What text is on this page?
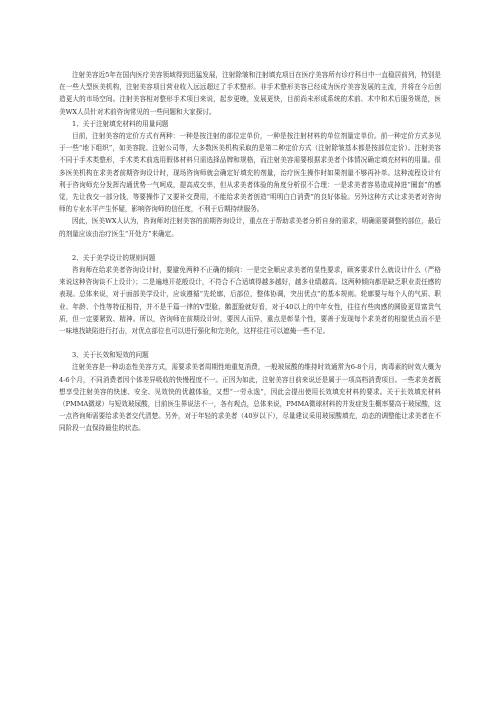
注射美容近5年在国内医疗美容领域得到迅猛发展，注射除皱和注射填充项目在医疗美容所有诊疗科目中一直稳居前列，特别是在一些大型医美机构，注射美容项目营业收入远远超过了手术整形。非手术整形美容已经成为医疗美容发展的主流，并将在今后创造更大的市场空间。注射美容相对整形手术项目来说，起步更晚，发展更快，目前尚未形成系统的术前、术中和术后服务规范，医美WX人员针对术前咨询常见的一些问题和大家探讨。

1、关于注射填充材料的用量问题

目前，注射美容的定价方式有两种：一种是按注射的部位定单价，一种是按注射材料的单位剂量定单价。前一种定价方式多见于一些“地下组织”，如美容院、注射公司等，大多数医美机构采取的是第二种定价方式（注射除皱基本都是按部位定价）。注射美容不同于手术类整形，手术类术前选用假体材料只需选择品牌和规格，而注射美容需要根据求美者个体情况确定填充材料的用量。很多医美机构在求美者前期咨询设计时，现场咨询师就会确定好填充的剂量，治疗医生操作时如果剂量不够再补单。这种流程设计有利于咨询师充分发挥沟通优势一气呵成，提高成交率，但从求美者体验的角度分析很不合理：一是求美者容易造成掉进“圈套”的感觉，先让我交一部分钱，等要操作了又要补交费用，不能给求美者创造“明明白白消费”的良好体验。另外这种方式让求美者对咨询师的专业水平产生怀疑，影响咨询师的信任度，不利于后期持续服务。

因此，医美WX人认为，咨询师对注射美容的前期咨询设计，重点在于帮助求美者分析自身的需求，明确需要调整的部位，最后的剂量应该由治疗医生“开处方”来确定。

2、关于美学设计的规则问题

咨询师在给求美者咨询设计时，要避免两种不正确的倾向：一是完全顺应求美者的显性要求，顾客要求什么就设计什么（严格来说这种咨询谈不上设计）；二是遍地开花般设计，不符合不合适填得越多越好，越多业绩越高。这两种倾向都是缺乏职业责任感的表现。总体来说，对于面部美学设计，应该遵循“先轮廓，后部位，整体协调，突出优点”的基本规则。轮廓要与每个人的气质、职业、年龄、个性等特征相符，并不是千篇一律的V型脸、鹅蛋脸就好看，对于40以上的中年女性，往往有些肉感的圆脸更显富贵气质，但一定要紧致、精神。所以，咨询师在前期设计时，要因人而异，重点是彰显个性，要善于发现每个求美者的相貌优点而不是一味地找缺陷进行打击，对优点部位也可以进行强化和完美化，这样往往可以遮掩一些不足。

3、关于长效和短效的问题

注射美容是一种动态性美容方式，需要求美者周期性地重复消费，一般玻尿酸的维持时效通常为6-8个月，肉毒素的时效大概为4-6个月，不同消费者因个体差异吸收的快慢程度不一。正因为如此，注射美容目前来说还是属于一项高档消费项目。一些求美者既想享受注射美容的快速、安全、见效快的优越体验，又想“一劳永逸”，因此会提出使用长效填充材料的要求。关于长效填充材料（PMMA微球）与短效玻尿酸，目前医生界说法不一，各有观点，总体来说，PMMA微球材料的并发症发生概率要高于玻尿酸，这一点咨询师需要给求美者交代清楚。另外，对于年轻的求美者（40岁以下），尽量建议采用玻尿酸填充，动态的调整能让求美者在不同阶段一直保持最佳的状态。
